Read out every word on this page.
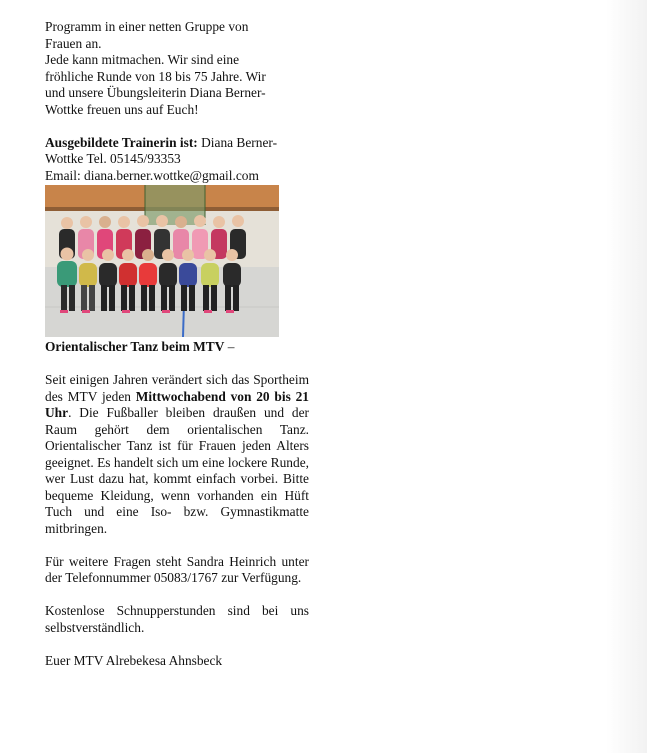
Programm in einer netten Gruppe von

Frauen an.

Jede kann mitmachen. Wir sind eine

fröhliche Runde von 18 bis 75 Jahre. Wir

und unsere Übungsleiterin Diana Berner-

Wottke freuen uns auf Euch!

Ausgebildete Trainerin ist: Diana Berner-

Wottke Tel. 05145/93353

Email: diana.berner.wottke@gmail.com

Orientalischer Tanz beim MTV –

Seit einigen Jahren verändert sich das Sportheim des MTV jeden Mittwochabend von 20 bis 21 Uhr. Die Fußballer bleiben draußen und der Raum gehört dem orientalischen Tanz. Orientalischer Tanz ist für Frauen jeden Alters geeignet. Es handelt sich um eine lockere Runde, wer Lust dazu hat, kommt einfach vorbei. Bitte bequeme Kleidung, wenn vorhanden ein Hüft Tuch und eine Iso- bzw. Gymnastikmatte mitbringen.

Für weitere Fragen steht Sandra Heinrich unter der Telefonnummer 05083/1767 zur Verfügung.

Kostenlose Schnupperstunden sind bei uns selbstverständlich.

Euer MTV Alrebekesa Ahnsbeck
